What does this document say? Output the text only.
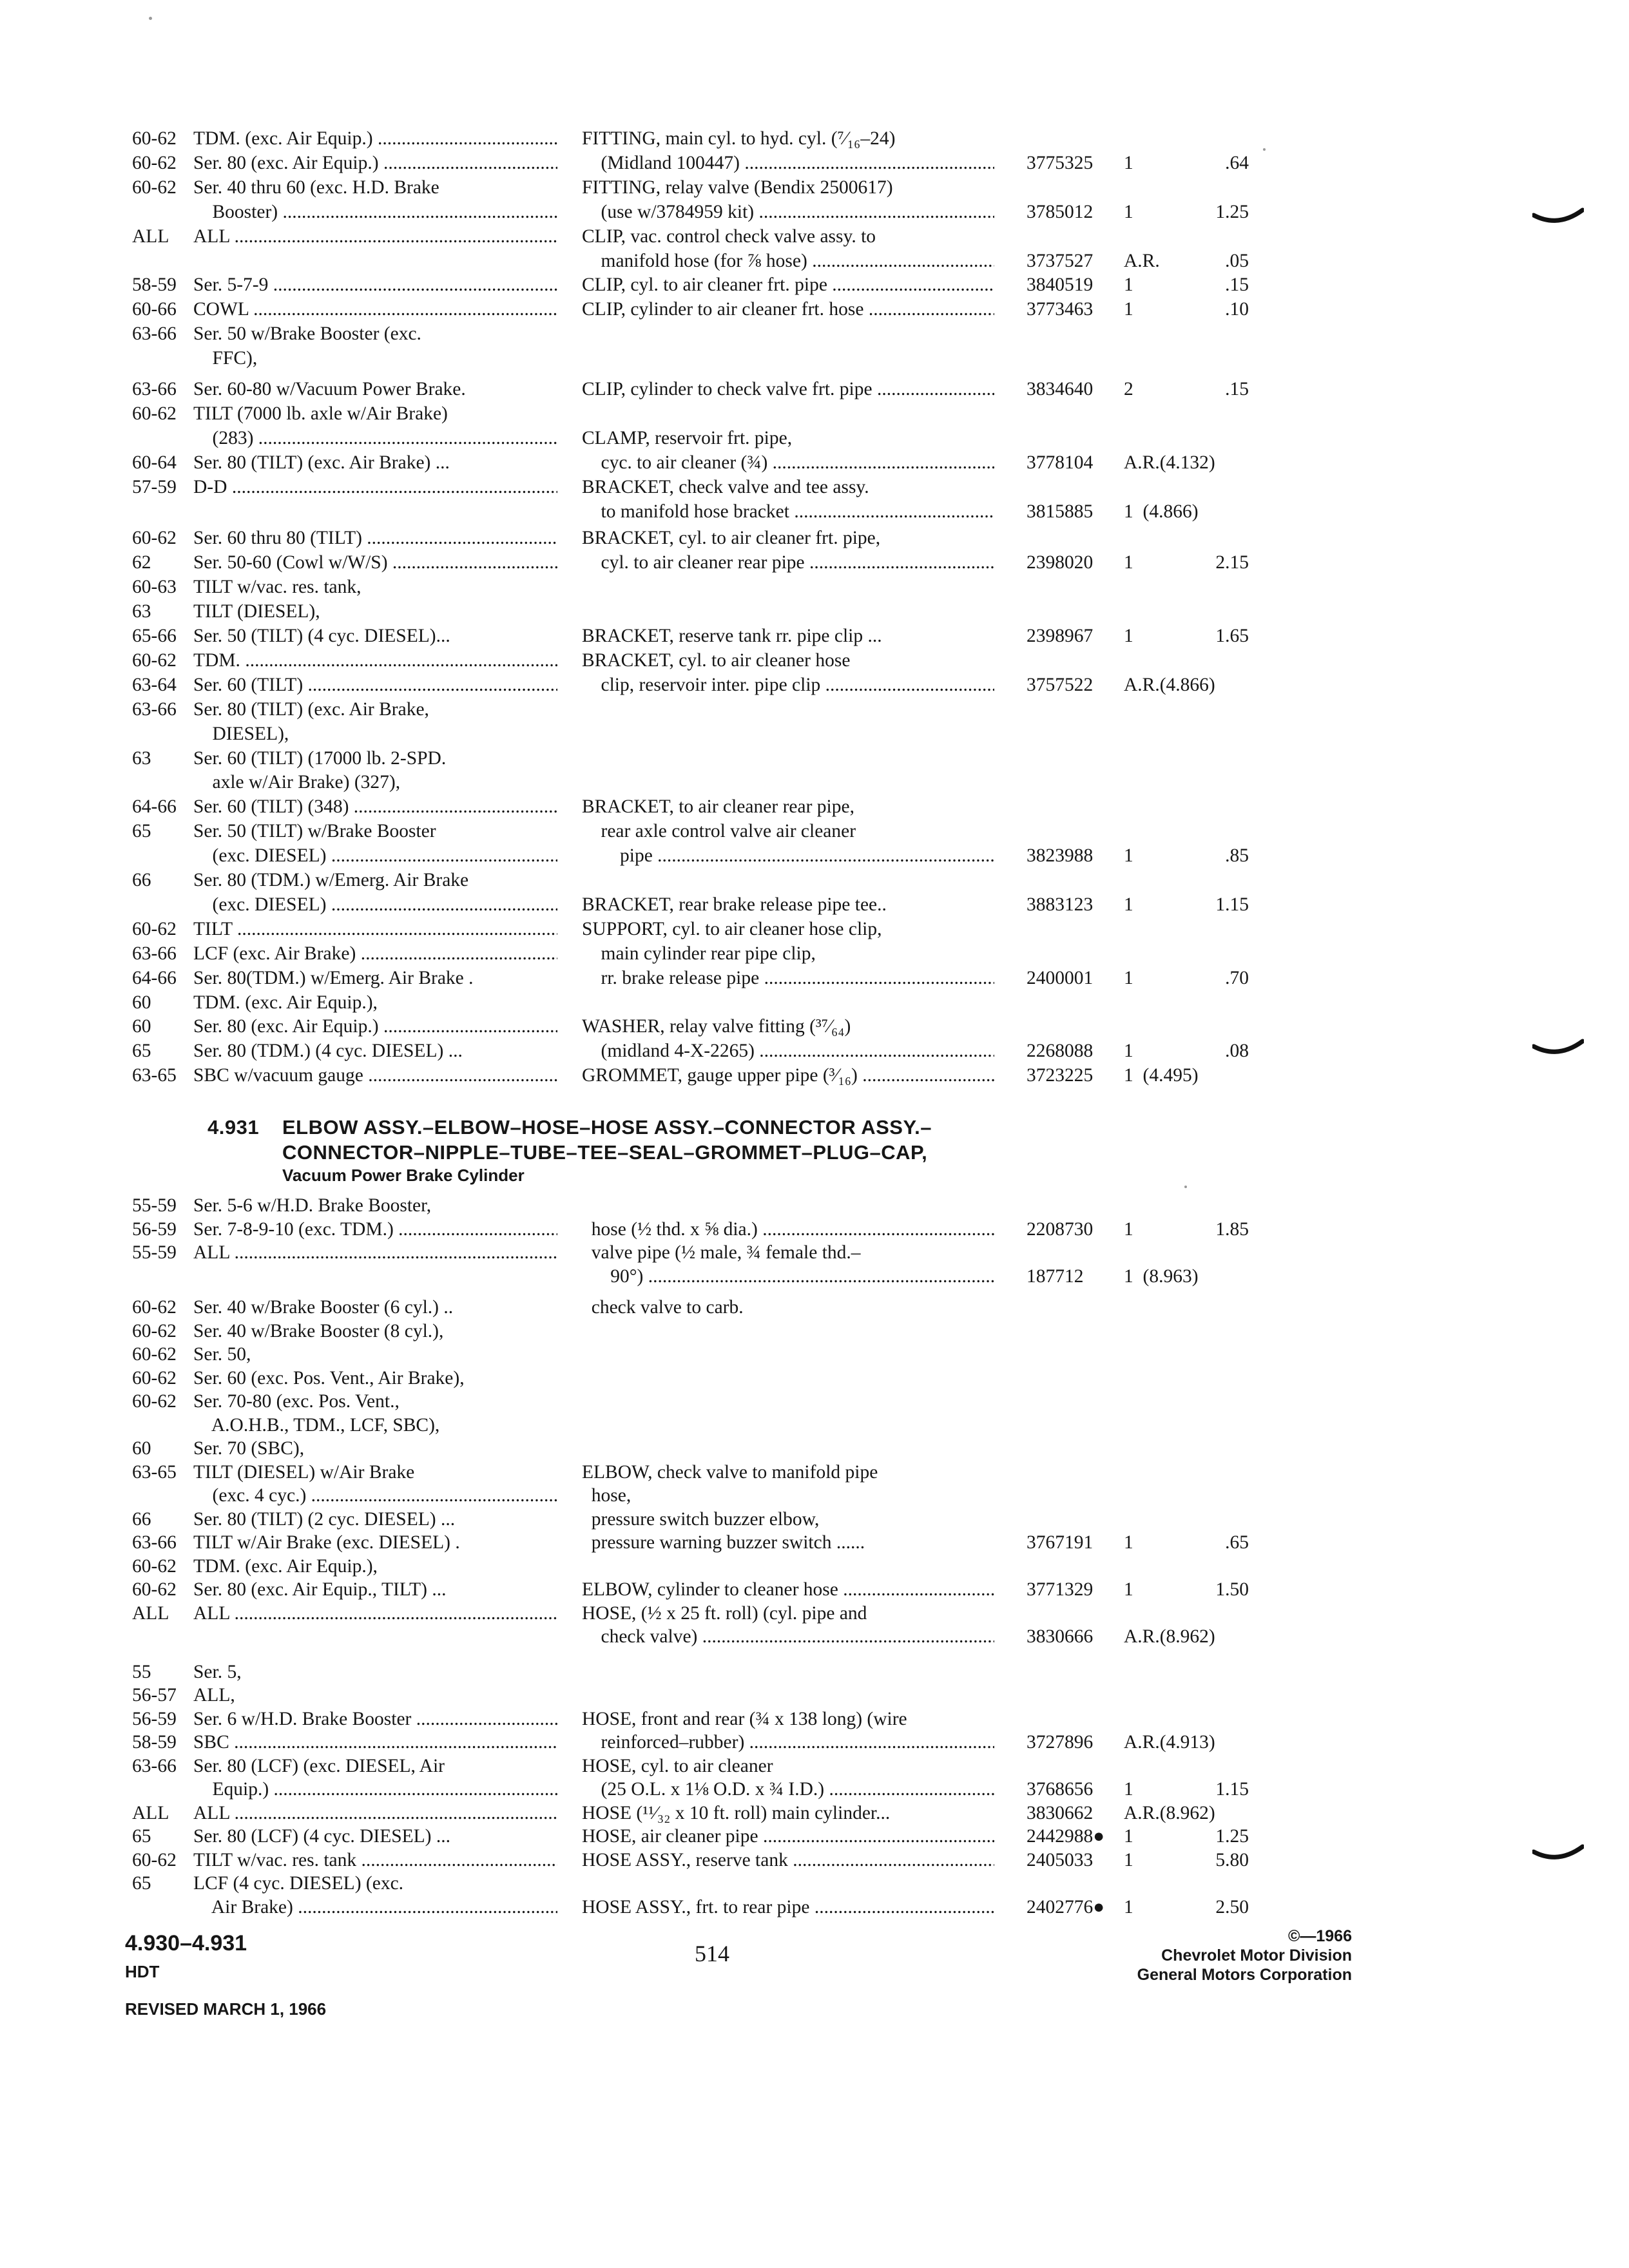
60-62 TDM. (exc. Air Equip.) .....	FITTING, main cyl. to hyd. cyl. (⁷⁄₁₆–24)
60-62 Ser. 80 (exc. Air Equip.) .....	(Midland 100447) .....	3775325 1	.64
60-62 Ser. 40 thru 60 (exc. H.D. Brake	FITTING, relay valve (Bendix 2500617)
Booster) .....	(use w/3784959 kit) .....	3785012 1	1.25
ALL	ALL .....	CLIP, vac. control check valve assy. to
manifold hose (for ⅞ hose) .....	3737527 A.R.	.05
58-59 Ser. 5-7-9 .....	CLIP, cyl. to air cleaner frt. pipe .....	3840519 1	.15
60-66 COWL .....	CLIP, cylinder to air cleaner frt. hose .....	3773463 1	.10
63-66 Ser. 50 w/Brake Booster (exc.
FFC),
63-66 Ser. 60-80 w/Vacuum Power Brake.	CLIP, cylinder to check valve frt. pipe .....	3834640 2	.15
60-62 TILT (7000 lb. axle w/Air Brake)
(283) .....	CLAMP, reservoir frt. pipe,
60-64 Ser. 80 (TILT) (exc. Air Brake) ...	cyc. to air cleaner (¾) .....	3778104 A.R.(4.132)
57-59 D-D .....	BRACKET, check valve and tee assy.
to manifold hose bracket .....	3815885 1  (4.866)
60-62 Ser. 60 thru 80 (TILT) .....	BRACKET, cyl. to air cleaner frt. pipe,
62	Ser. 50-60 (Cowl w/W/S) .....	cyl. to air cleaner rear pipe .....	2398020 1	2.15
60-63 TILT w/vac. res. tank,
63	TILT (DIESEL),
65-66 Ser. 50 (TILT) (4 cyc. DIESEL)...	BRACKET, reserve tank rr. pipe clip ...	2398967 1	1.65
60-62 TDM. .....	BRACKET, cyl. to air cleaner hose
63-64 Ser. 60 (TILT) .....	clip, reservoir inter. pipe clip .....	3757522 A.R.(4.866)
63-66 Ser. 80 (TILT) (exc. Air Brake,
DIESEL),
63	Ser. 60 (TILT) (17000 lb. 2-SPD.
axle w/Air Brake) (327),
64-66 Ser. 60 (TILT) (348) .....	BRACKET, to air cleaner rear pipe,
65	Ser. 50 (TILT) w/Brake Booster	rear axle control valve air cleaner
(exc. DIESEL) .....	pipe .....	3823988 1	.85
66	Ser. 80 (TDM.) w/Emerg. Air Brake
(exc. DIESEL) .....	BRACKET, rear brake release pipe tee..	3883123 1	1.15
60-62 TILT .....	SUPPORT, cyl. to air cleaner hose clip,
63-66 LCF (exc. Air Brake) .....	main cylinder rear pipe clip,
64-66 Ser. 80(TDM.) w/Emerg. Air Brake .	rr. brake release pipe .....	2400001 1	.70
60	TDM. (exc. Air Equip.),
60	Ser. 80 (exc. Air Equip.) .....	WASHER, relay valve fitting (³⁷⁄₆₄)
65	Ser. 80 (TDM.) (4 cyc. DIESEL) ...	(midland 4-X-2265) .....	2268088 1	.08
63-65 SBC w/vacuum gauge .....	GROMMET, gauge upper pipe (³⁄₁₆) .....	3723225 1  (4.495)
4.931 ELBOW ASSY.–ELBOW–HOSE–HOSE ASSY.–CONNECTOR ASSY.–
CONNECTOR–NIPPLE–TUBE–TEE–SEAL–GROMMET–PLUG–CAP,
Vacuum Power Brake Cylinder
55-59 Ser. 5-6 w/H.D. Brake Booster,
56-59 Ser. 7-8-9-10 (exc. TDM.) .....	hose (½ thd. x ⅝ dia.) .....	2208730 1	1.85
55-59 ALL .....	valve pipe (½ male, ¾ female thd.–
90°) .....	187712 1  (8.963)
60-62 Ser. 40 w/Brake Booster (6 cyl.) ..	check valve to carb.
60-62 Ser. 40 w/Brake Booster (8 cyl.),
60-62 Ser. 50,
60-62 Ser. 60 (exc. Pos. Vent., Air Brake),
60-62 Ser. 70-80 (exc. Pos. Vent.,
A.O.H.B., TDM., LCF, SBC),
60	Ser. 70 (SBC),
63-65 TILT (DIESEL) w/Air Brake	ELBOW, check valve to manifold pipe
(exc. 4 cyc.) .....	hose,
66	Ser. 80 (TILT) (2 cyc. DIESEL) ...	pressure switch buzzer elbow,
63-66 TILT w/Air Brake (exc. DIESEL) .	pressure warning buzzer switch ......	3767191 1	.65
60-62 TDM. (exc. Air Equip.),
60-62 Ser. 80 (exc. Air Equip., TILT) ...	ELBOW, cylinder to cleaner hose .....	3771329 1	1.50
ALL	ALL .....	HOSE, (½ x 25 ft. roll) (cyl. pipe and
check valve) .....	3830666 A.R.(8.962)
55	Ser. 5,
56-57 ALL,
56-59 Ser. 6 w/H.D. Brake Booster .....	HOSE, front and rear (¾ x 138 long) (wire
58-59 SBC .....	reinforced–rubber) .....	3727896 A.R.(4.913)
63-66 Ser. 80 (LCF) (exc. DIESEL, Air	HOSE, cyl. to air cleaner
Equip.) .....	(25 O.L. x 1⅛ O.D. x ¾ I.D.) .....	3768656 1	1.15
ALL	ALL .....	HOSE (¹¹⁄₃₂ x 10 ft. roll) main cylinder...	3830662 A.R.(8.962)
65	Ser. 80 (LCF) (4 cyc. DIESEL) ...	HOSE, air cleaner pipe .....	2442988● 1	1.25
60-62 TILT w/vac. res. tank .....	HOSE ASSY., reserve tank .....	2405033 1	5.80
65	LCF (4 cyc. DIESEL) (exc.
Air Brake) .....	HOSE ASSY., frt. to rear pipe .....	2402776● 1	2.50
4.930–4.931
HDT
REVISED MARCH 1, 1966
514
©—1966
Chevrolet Motor Division
General Motors Corporation
